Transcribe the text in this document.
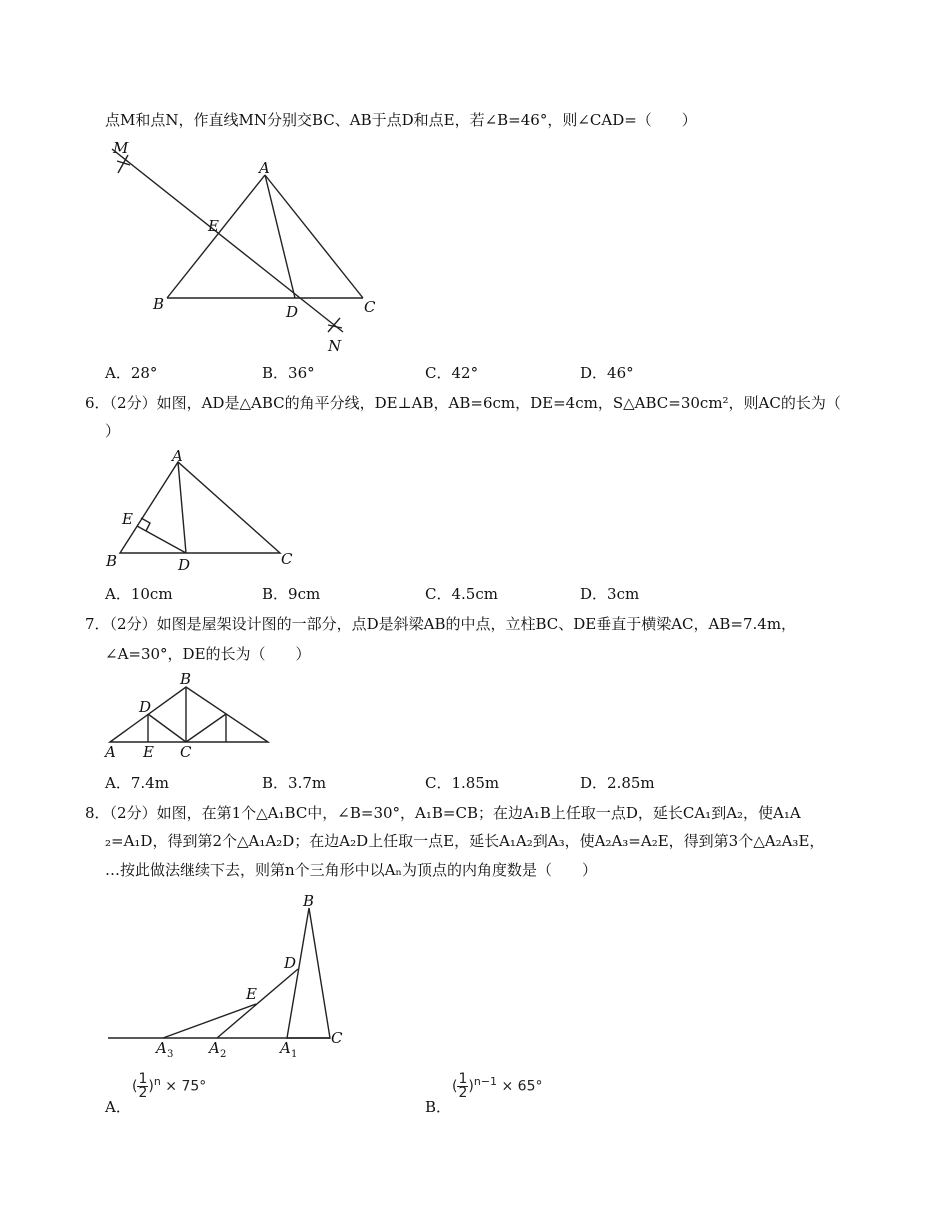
点M和点N，作直线MN分别交BC、AB于点D和点E，若∠B=46°，则∠CAD=（　　）
M
A
E
B	D	C
N
A．28°	B．36°	C．42°	D．46°
6．（2分）如图，AD是△ABC的角平分线，DE⊥AB，AB=6cm，DE=4cm，S△ABC=30cm²，则AC的长为（
）
A
E
B	D	C
A．10cm	B．9cm	C．4.5cm	D．3cm
7．（2分）如图是屋架设计图的一部分，点D是斜梁AB的中点，立柱BC、DE垂直于横梁AC，AB=7.4m，
∠A=30°，DE的长为（　　）
B
D
A E C
A．7.4m	B．3.7m	C．1.85m	D．2.85m
8．（2分）如图，在第1个△A₁BC中，∠B=30°，A₁B=CB；在边A₁B上任取一点D，延长CA₁到A₂，使A₁A
₂=A₁D，得到第2个△A₁A₂D；在边A₂D上任取一点E，延长A₁A₂到A₃，使A₂A₃=A₂E，得到第3个△A₂A₃E，
…按此做法继续下去，则第n个三角形中以Aₙ为顶点的内角度数是（　　）
B
D
E
C
A 3 A 2	A 1
A．
( $\frac{1}{2} )^n \times 75^\circ$
B．
( $\frac{1}{2} )^{n-1} \times 65^\circ$
